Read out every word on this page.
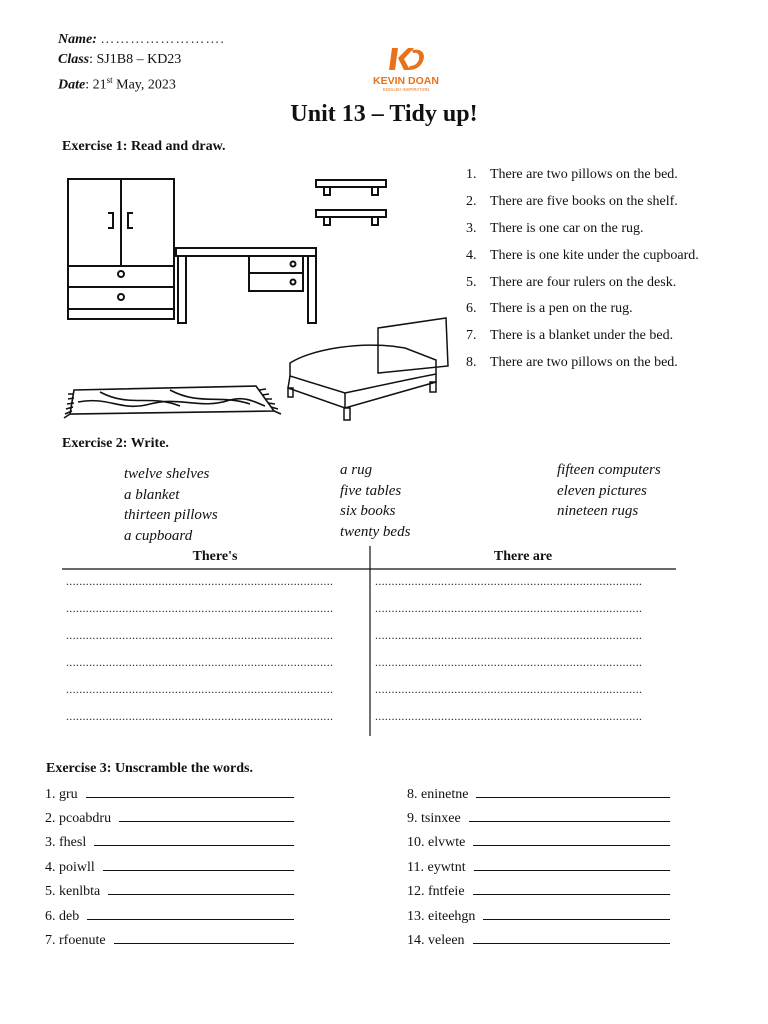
Name: …………………….
Class: SJ1B8 – KD23
Date: 21st May, 2023	KEVIN DOAN
ENGLISH INSPIRATION
Unit 13 – Tidy up!
Exercise 1: Read and draw.
1. There are two pillows on the bed.
2. There are five books on the shelf.
3. There is one car on the rug.
4. There is one kite under the cupboard.
5. There are four rulers on the desk.
6. There is a pen on the rug.
7. There is a blanket under the bed.
8. There are two pillows on the bed.
Exercise 2: Write.
twelve shelves
a blanket
thirteen pillows
a cupboard
a rug
five tables
six books
twenty beds
fifteen computers
eleven pictures
nineteen rugs
There's	There are
.................................................................................
.................................................................................
.................................................................................
.................................................................................
.................................................................................
.................................................................................
.................................................................................
.................................................................................
.................................................................................
.................................................................................
.................................................................................
.................................................................................
Exercise 3: Unscramble the words.
1. gru
2. pcoabdru
3. fhesl
4. poiwll
5. kenlbta
6. deb
7. rfoenute
8. eninetne
9. tsinxee
10. elvwte
11. eywtnt
12. fntfeie
13. eiteehgn
14. veleen
